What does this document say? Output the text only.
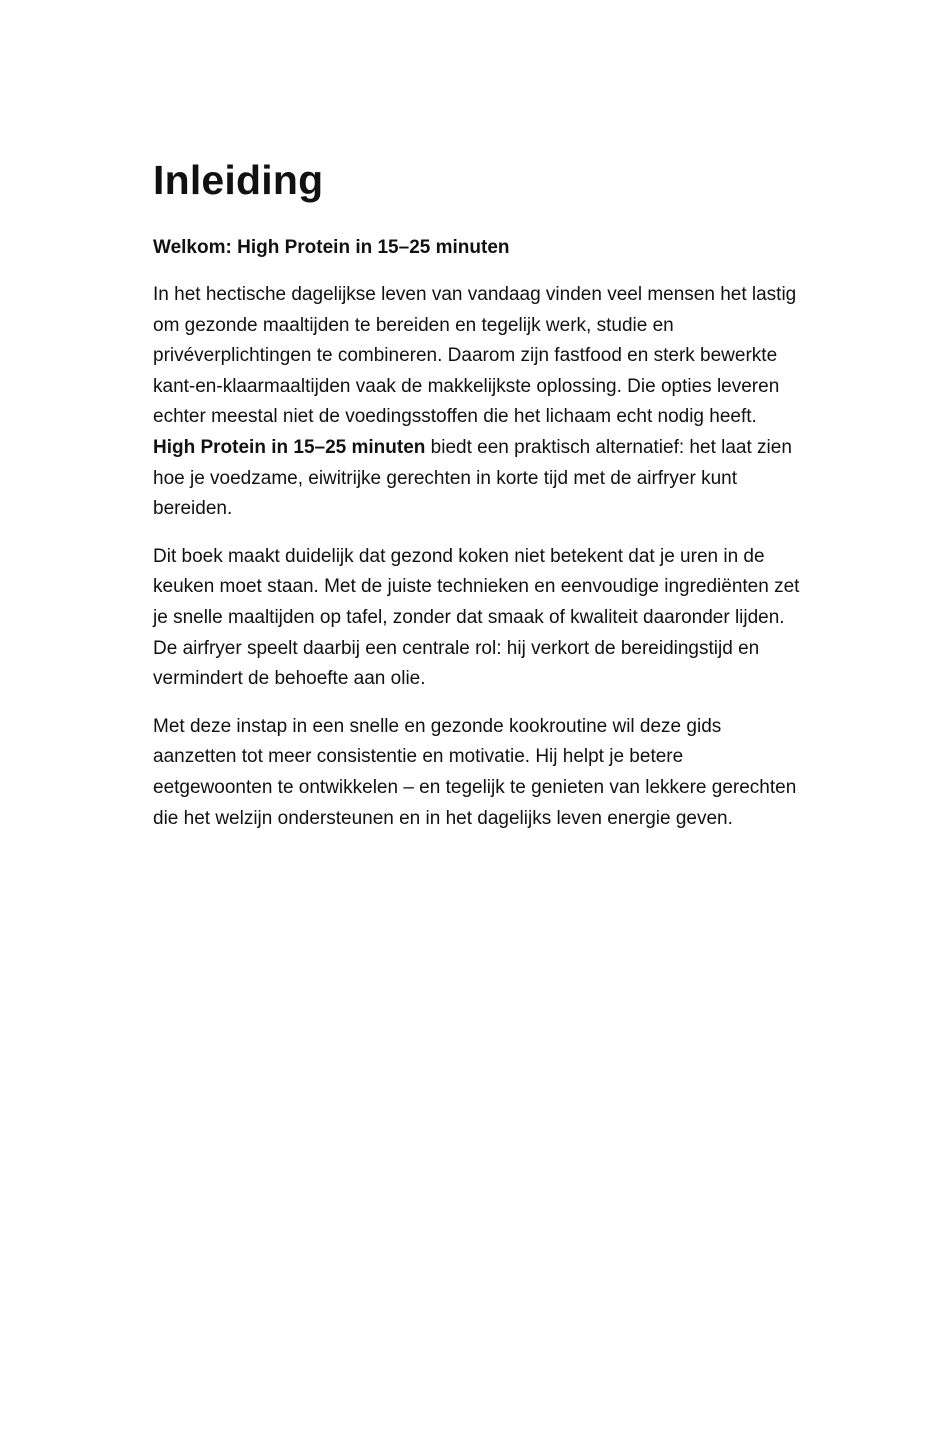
Inleiding
Welkom: High Protein in 15–25 minuten

In het hectische dagelijkse leven van vandaag vinden veel mensen het lastig om gezonde maaltijden te bereiden en tegelijk werk, studie en privéverplichtingen te combineren. Daarom zijn fastfood en sterk bewerkte kant-en-klaarmaaltijden vaak de makkelijkste oplossing. Die opties leveren echter meestal niet de voedingsstoffen die het lichaam echt nodig heeft. High Protein in 15–25 minuten biedt een praktisch alternatief: het laat zien hoe je voedzame, eiwitrijke gerechten in korte tijd met de airfryer kunt bereiden.

Dit boek maakt duidelijk dat gezond koken niet betekent dat je uren in de keuken moet staan. Met de juiste technieken en eenvoudige ingrediënten zet je snelle maaltijden op tafel, zonder dat smaak of kwaliteit daaronder lijden. De airfryer speelt daarbij een centrale rol: hij verkort de bereidingstijd en vermindert de behoefte aan olie.

Met deze instap in een snelle en gezonde kookroutine wil deze gids aanzetten tot meer consistentie en motivatie. Hij helpt je betere eetgewoonten te ontwikkelen – en tegelijk te genieten van lekkere gerechten die het welzijn ondersteunen en in het dagelijks leven energie geven.
